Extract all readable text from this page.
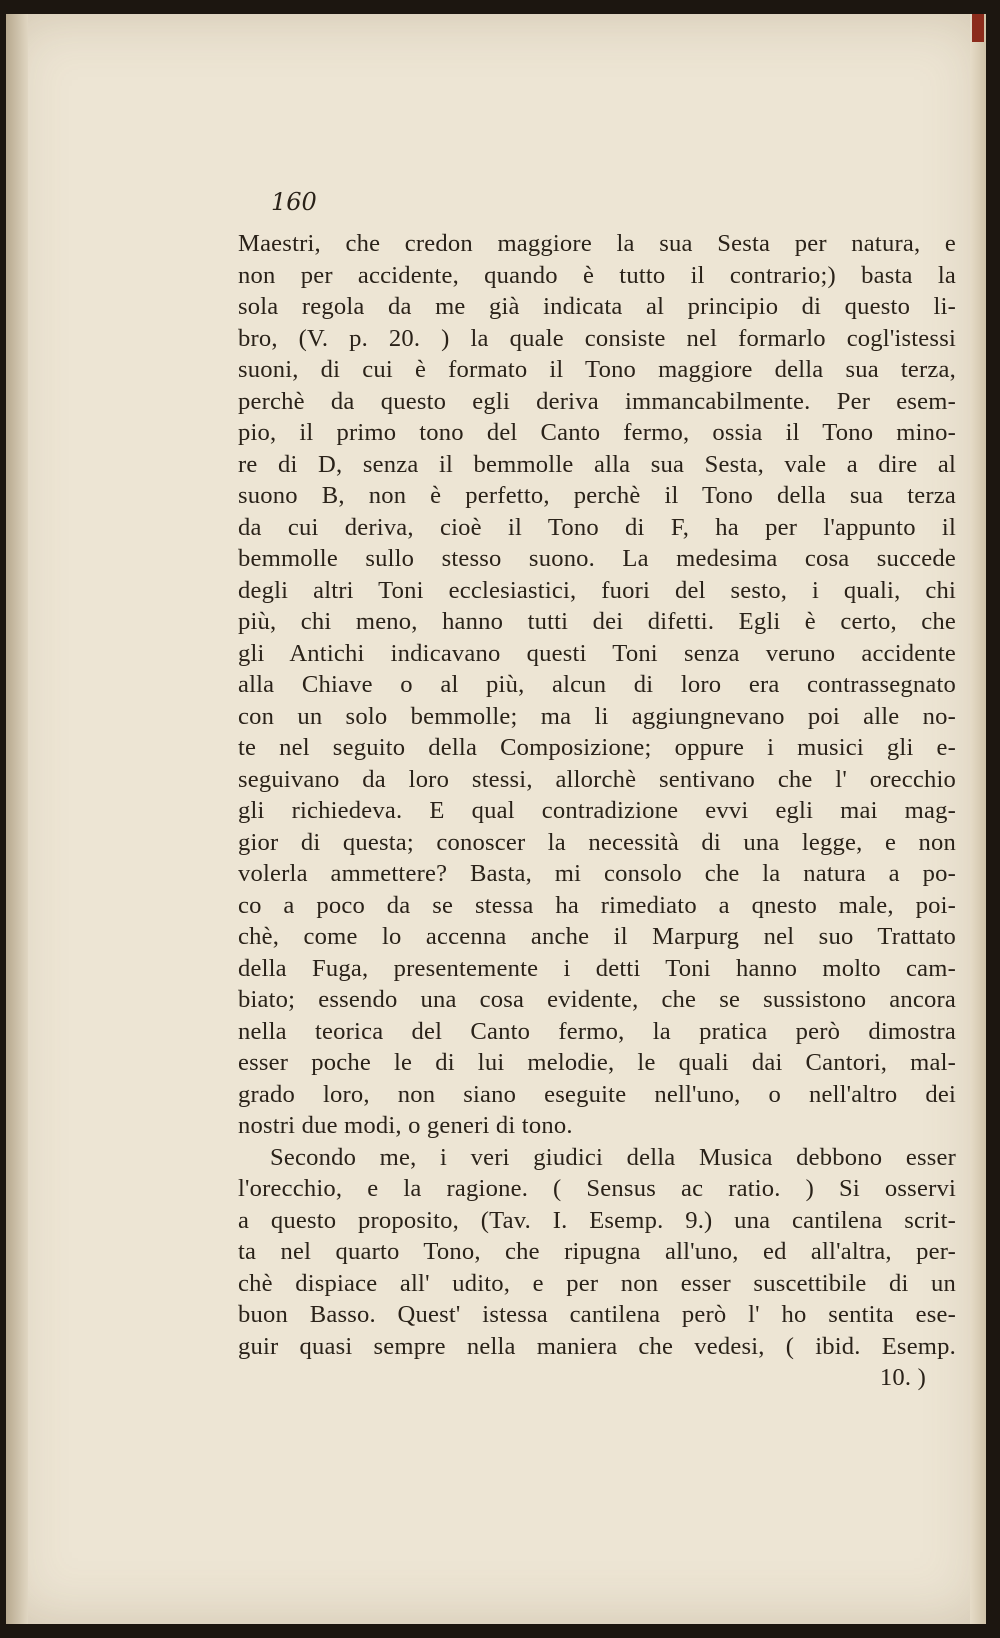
160
Maestri, che credon maggiore la sua Sesta per natura, e
non per accidente, quando è tutto il contrario;) basta la
sola regola da me già indicata al principio di questo li-
bro, (V. p. 20. ) la quale consiste nel formarlo cogl'istessi
suoni, di cui è formato il Tono maggiore della sua terza,
perchè da questo egli deriva immancabilmente. Per esem-
pio, il primo tono del Canto fermo, ossia il Tono mino-
re di D, senza il bemmolle alla sua Sesta, vale a dire al
suono B, non è perfetto, perchè il Tono della sua terza
da cui deriva, cioè il Tono di F, ha per l'appunto il
bemmolle sullo stesso suono. La medesima cosa succede
degli altri Toni ecclesiastici, fuori del sesto, i quali, chi
più, chi meno, hanno tutti dei difetti. Egli è certo, che
gli Antichi indicavano questi Toni senza veruno accidente
alla Chiave o al più, alcun di loro era contrassegnato
con un solo bemmolle; ma li aggiungnevano poi alle no-
te nel seguito della Composizione; oppure i musici gli e-
seguivano da loro stessi, allorchè sentivano che l' orecchio
gli richiedeva. E qual contradizione evvi egli mai mag-
gior di questa; conoscer la necessità di una legge, e non
volerla ammettere? Basta, mi consolo che la natura a po-
co a poco da se stessa ha rimediato a qnesto male, poi-
chè, come lo accenna anche il Marpurg nel suo Trattato
della Fuga, presentemente i detti Toni hanno molto cam-
biato; essendo una cosa evidente, che se sussistono ancora
nella teorica del Canto fermo, la pratica però dimostra
esser poche le di lui melodie, le quali dai Cantori, mal-
grado loro, non siano eseguite nell'uno, o nell'altro dei
nostri due modi, o generi di tono.
Secondo me, i veri giudici della Musica debbono esser
l'orecchio, e la ragione. ( Sensus ac ratio. ) Si osservi
a questo proposito, (Tav. I. Esemp. 9.) una cantilena scrit-
ta nel quarto Tono, che ripugna all'uno, ed all'altra, per-
chè dispiace all' udito, e per non esser suscettibile di un
buon Basso. Quest' istessa cantilena però l' ho sentita ese-
guir quasi sempre nella maniera che vedesi, ( ibid. Esemp.
10. )
